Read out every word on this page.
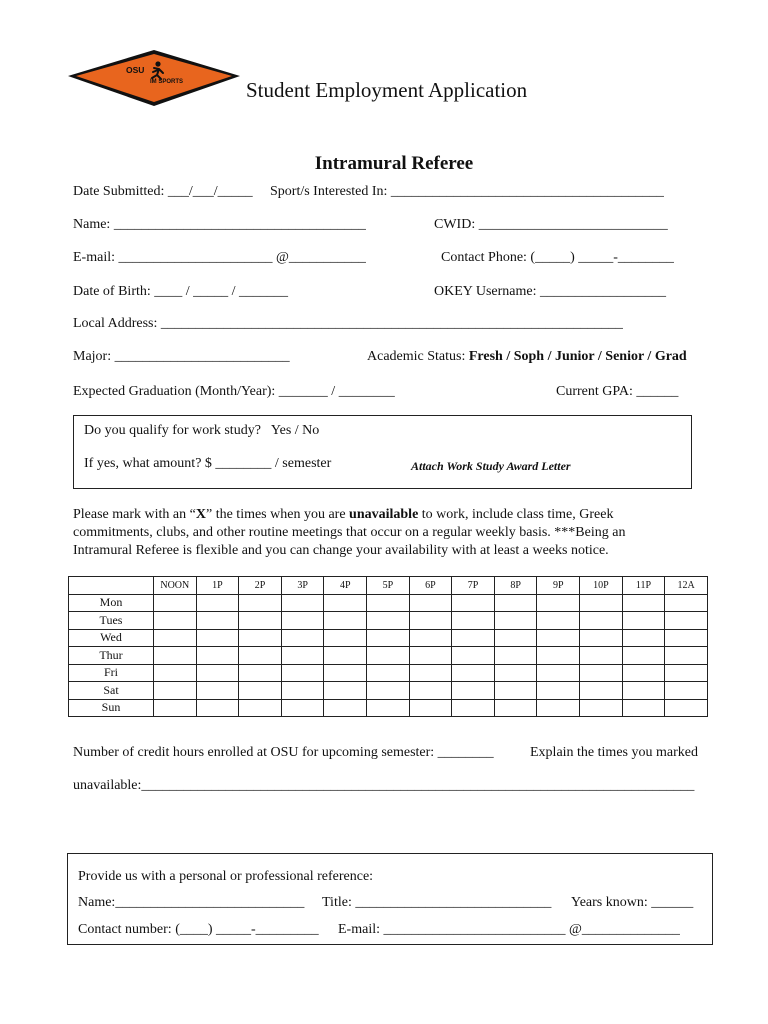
OSU
IM SPORTS	Student Employment Application
Intramural Referee
Date Submitted: ___/___/_____ Sport/s Interested In: _______________________________________
Name: ____________________________________	CWID: ___________________________
E-mail: ______________________ @___________	Contact Phone: (_____) _____-________
Date of Birth: ____ / _____ / _______	OKEY Username: __________________
Local Address: __________________________________________________________________
Major: _________________________	Academic Status: Fresh / Soph / Junior / Senior / Grad
Expected Graduation (Month/Year): _______ / ________	Current GPA: ______
Do you qualify for work study?   Yes / No
If yes, what amount? $ ________ / semester	Attach Work Study Award Letter
Please mark with an “X” the times when you are unavailable to work, include class time, Greek commitments, clubs, and other routine meetings that occur on a regular weekly basis. ***Being an Intramural Referee is flexible and you can change your availability with at least a weeks notice.
	NOON	1P	2P	3P	4P	5P	6P	7P	8P	9P	10P	11P	12A
Mon													
Tues													
Wed													
Thur													
Fri													
Sat													
Sun													
Number of credit hours enrolled at OSU for upcoming semester: ________	Explain the times you marked
unavailable:_______________________________________________________________________________
Provide us with a personal or professional reference:
Name:___________________________ Title: ____________________________ Years known: ______
Contact number: (____) _____-_________ E-mail: __________________________ @______________
